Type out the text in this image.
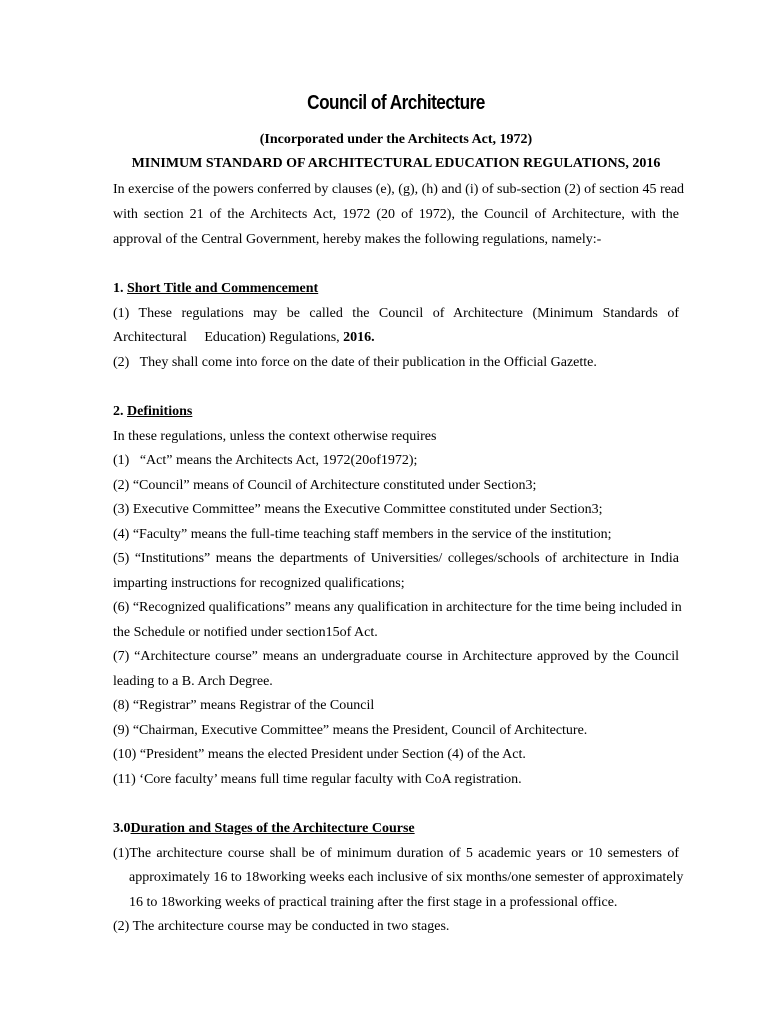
Council of Architecture
(Incorporated under the Architects Act, 1972)
MINIMUM STANDARD OF ARCHITECTURAL EDUCATION REGULATIONS, 2016
In exercise of the powers conferred by clauses (e), (g), (h) and (i) of sub-section (2) of section 45 read
with section 21 of the Architects Act, 1972 (20 of 1972), the Council of Architecture, with the
approval of the Central Government, hereby makes the following regulations, namely:-
1. Short Title and Commencement
(1) These regulations may be called the Council of Architecture (Minimum Standards of
Architectural     Education) Regulations, 2016.
(2)   They shall come into force on the date of their publication in the Official Gazette.
2. Definitions
In these regulations, unless the context otherwise requires
(1)   “Act” means the Architects Act, 1972(20of1972);
(2) “Council” means of Council of Architecture constituted under Section3;
(3) Executive Committee” means the Executive Committee constituted under Section3;
(4) “Faculty” means the full-time teaching staff members in the service of the institution;
(5) “Institutions” means the departments of Universities/ colleges/schools of architecture in India
imparting instructions for recognized qualifications;
(6) “Recognized qualifications” means any qualification in architecture for the time being included in
the Schedule or notified under section15of Act.
(7) “Architecture course” means an undergraduate course in Architecture approved by the Council
leading to a B. Arch Degree.
(8) “Registrar” means Registrar of the Council
(9) “Chairman, Executive Committee” means the President, Council of Architecture.
(10) “President” means the elected President under Section (4) of the Act.
(11) ‘Core faculty’ means full time regular faculty with CoA registration.
3.0Duration and Stages of the Architecture Course
(1)The architecture course shall be of minimum duration of 5 academic years or 10 semesters of
approximately 16 to 18working weeks each inclusive of six months/one semester of approximately
16 to 18working weeks of practical training after the first stage in a professional office.
(2) The architecture course may be conducted in two stages.
